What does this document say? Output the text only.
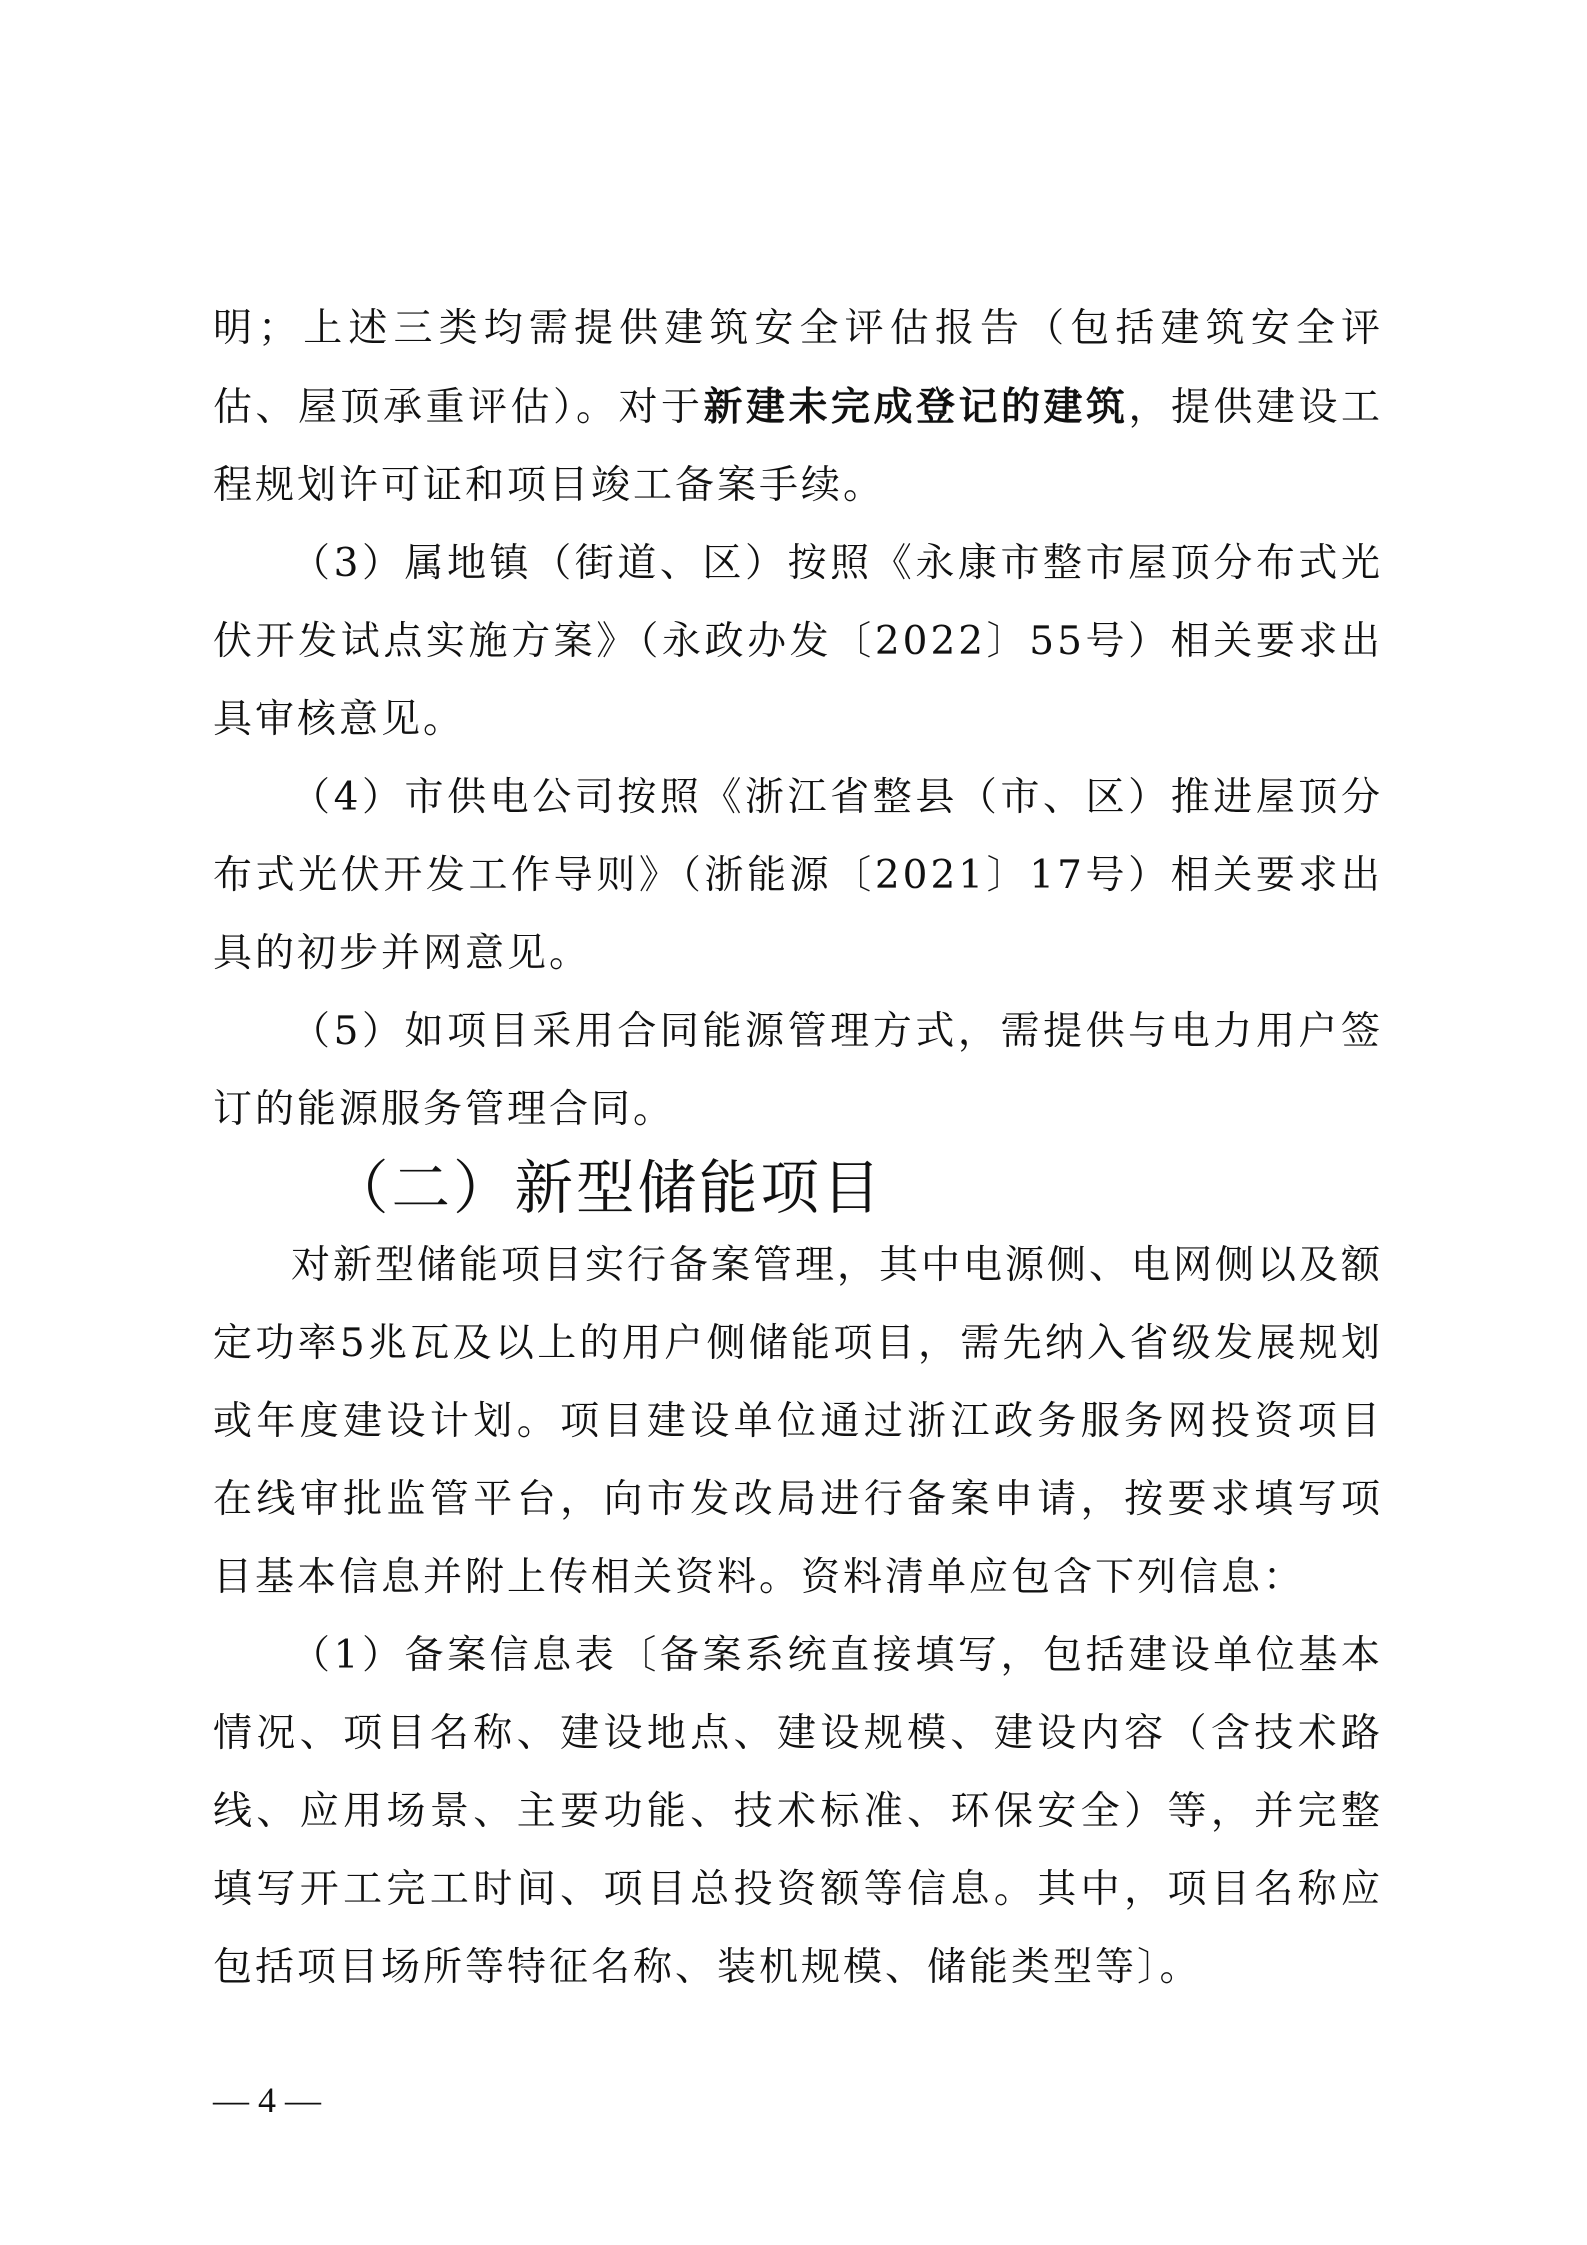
明；上述三类均需提供建筑安全评估报告（包括建筑安全评估、屋顶承重评估）。对于新建未完成登记的建筑，提供建设工程规划许可证和项目竣工备案手续。

（3）属地镇（街道、区）按照《永康市整市屋顶分布式光伏开发试点实施方案》（永政办发〔2022〕55号）相关要求出具审核意见。

（4）市供电公司按照《浙江省整县（市、区）推进屋顶分布式光伏开发工作导则》（浙能源〔2021〕17号）相关要求出具的初步并网意见。

（5）如项目采用合同能源管理方式，需提供与电力用户签订的能源服务管理合同。

（二）新型储能项目

对新型储能项目实行备案管理，其中电源侧、电网侧以及额定功率5兆瓦及以上的用户侧储能项目，需先纳入省级发展规划或年度建设计划。项目建设单位通过浙江政务服务网投资项目在线审批监管平台，向市发改局进行备案申请，按要求填写项目基本信息并附上传相关资料。资料清单应包含下列信息：

（1）备案信息表〔备案系统直接填写，包括建设单位基本情况、项目名称、建设地点、建设规模、建设内容（含技术路线、应用场景、主要功能、技术标准、环保安全）等，并完整填写开工完工时间、项目总投资额等信息。其中，项目名称应包括项目场所等特征名称、装机规模、储能类型等〕。

— 4 —
